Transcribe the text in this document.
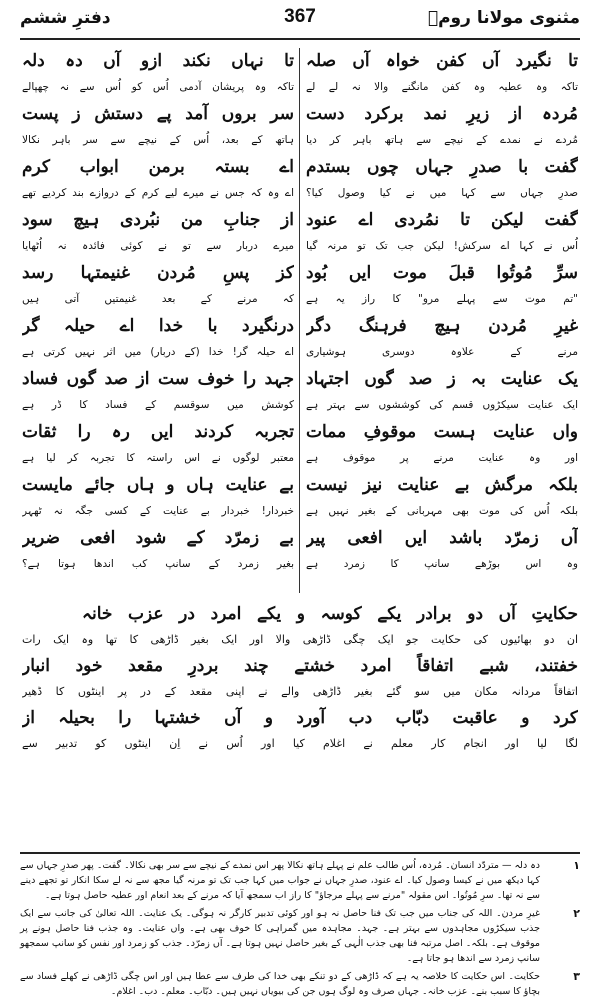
مثنوی مولانا رومؒ
367
دفترِ ششم

تا نگیرد آں کفن خواہ آں صلہ

تاکہ وہ عطیہ وہ کفن مانگنے والا نہ لے لے

مُردہ از زیرِ نمد برکرد دست

مُردے نے نمدے کے نیچے سے ہاتھ باہر کر دیا

گفت با صدرِ جہاں چوں بستدم

صدرِ جہاں سے کہا میں نے کیا وصول کیا؟

گفت لیکن تا نمُردی اے عنود

اُس نے کہا اے سرکش! لیکن جب تک تو مرنہ گیا

سرِّ مُوتُوا قبلَ موت ایں بُود

"تم موت سے پہلے مرو" کا راز یہ ہے

غیرِ مُردن ہیچ فرہنگ دگر

مرنے کے علاوہ دوسری ہوشیاری

یک عنایت بہ ز صد گوں اجتہاد

ایک عنایت سیکڑوں قسم کی کوششوں سے بہتر ہے

واں عنایت ہست موقوفِ ممات

اور وہ عنایت مرنے پر موقوف ہے

بلکہ مرگش بے عنایت نیز نیست

بلکہ اُس کی موت بھی مہربانی کے بغیر نہیں ہے

آں زمرّد باشد ایں افعی پیر

وہ اس بوڑھے سانپ کا زمرد ہے

تا نہاں نکند ازو آں دہ دلہ

تاکہ وہ پریشان آدمی اُس کو اُس سے نہ چھپالے

سر بروں آمد پے دستش ز پست

ہاتھ کے بعد، اُس کے نیچے سے سر باہر نکالا

اے بستہ برمن ابواب کرم

اے وہ کہ جس نے میرے لیے کرم کے دروازے بند کردیے تھے

از جنابِ من نبُردی ہیچ سود

میرے دربار سے تو نے کوئی فائدہ نہ اُٹھایا

کز پسِ مُردن غنیمتہا رسد

کہ مرنے کے بعد غنیمتیں آتی ہیں

درنگیرد با خدا اے حیلہ گر

اے حیلہ گر! خدا (کے دربار) میں اثر نہیں کرتی ہے

جہد را خوف ست از صد گوں فساد

کوشش میں سوقسم کے فساد کا ڈر ہے

تجربہ کردند ایں رہ را ثقات

معتبر لوگوں نے اس راستہ کا تجربہ کر لیا ہے

بے عنایت ہاں و ہاں جائے مایست

خبردار! خبردار بے عنایت کے کسی جگہ نہ ٹھہر

بے زمرّد کے شود افعی ضریر

بغیر زمرد کے سانپ کب اندھا ہوتا ہے؟

حکایتِ آں دو برادر یکے کوسہ و یکے امرد در عزب خانہ

ان دو بھائیوں کی حکایت جو ایک چگی ڈاڑھی والا اور ایک بغیر ڈاڑھی کا تھا وہ ایک رات

خفتند، شبے اتفاقاً امرد خشتے چند بردرِ مقعد خود انبار

اتفاقاً مردانہ مکان میں سو گئے بغیر ڈاڑھی والے نے اپنی مقعد کے در پر اینٹوں کا ڈھیر

کرد و عاقبت دبّاب دب آورد و آں خشتہا را بحیلہ از

لگا لیا اور انجام کار معلم نے اغلام کیا اور اُس نے اِن اینٹوں کو تدبیر سے

١
دہ دلہ — متردّد انسان۔ مُردہ، اُس طالب علم نے پہلے ہاتھ نکالا پھر اس نمدے کے نیچے سے سر بھی نکالا۔ گفت۔ پھر صدرِ جہاں سے کہا دیکھ میں نے کیسا وصول کیا۔ اے عنود، صدرِ جہاں نے جواب میں کہا جب تک تو مرنہ گیا مجھ سے نہ لے سکا انکار تو تجھے دینے سے نہ تھا۔ سرِ مُوتُوا۔ اس مقولہ "مرنے سے پہلے مرجاؤ" کا راز اب سمجھ آیا کہ مرنے کے بعد انعام اور عطیہ حاصل ہوتا ہے۔

٢
غیرِ مردن۔ اللہ کی جناب میں جب تک فنا حاصل نہ ہو اور کوئی تدبیر کارگر نہ ہوگی۔ یک عنایت۔ اللہ تعالیٰ کی جانب سے ایک جذب سیکڑوں مجاہدوں سے بہتر ہے۔ جہد۔ مجاہدہ میں گمراہی کا خوف بھی ہے۔ واں عنایت۔ وہ جذب فنا حاصل ہونے پر موقوف ہے۔ بلکہ۔ اصل مرتبہ فنا بھی جذب الٰہی کے بغیر حاصل نہیں ہوتا ہے۔ آں زمرّد۔ جذب کو زمرد اور نفس کو سانپ سمجھو سانپ زمرد سے اندھا ہو جاتا ہے۔

٣
حکایت۔ اس حکایت کا خلاصہ یہ ہے کہ ڈاڑھی کے دو تنکے بھی خدا کی طرف سے عطا ہیں اور اس چگی ڈاڑھی نے کھلے فساد سے بچاؤ کا سبب بنے۔ عزب خانہ۔ جہاں صرف وہ لوگ ہوں جن کی بیویاں نہیں ہیں۔ دبّاب۔ معلم۔ دب۔ اغلام۔
